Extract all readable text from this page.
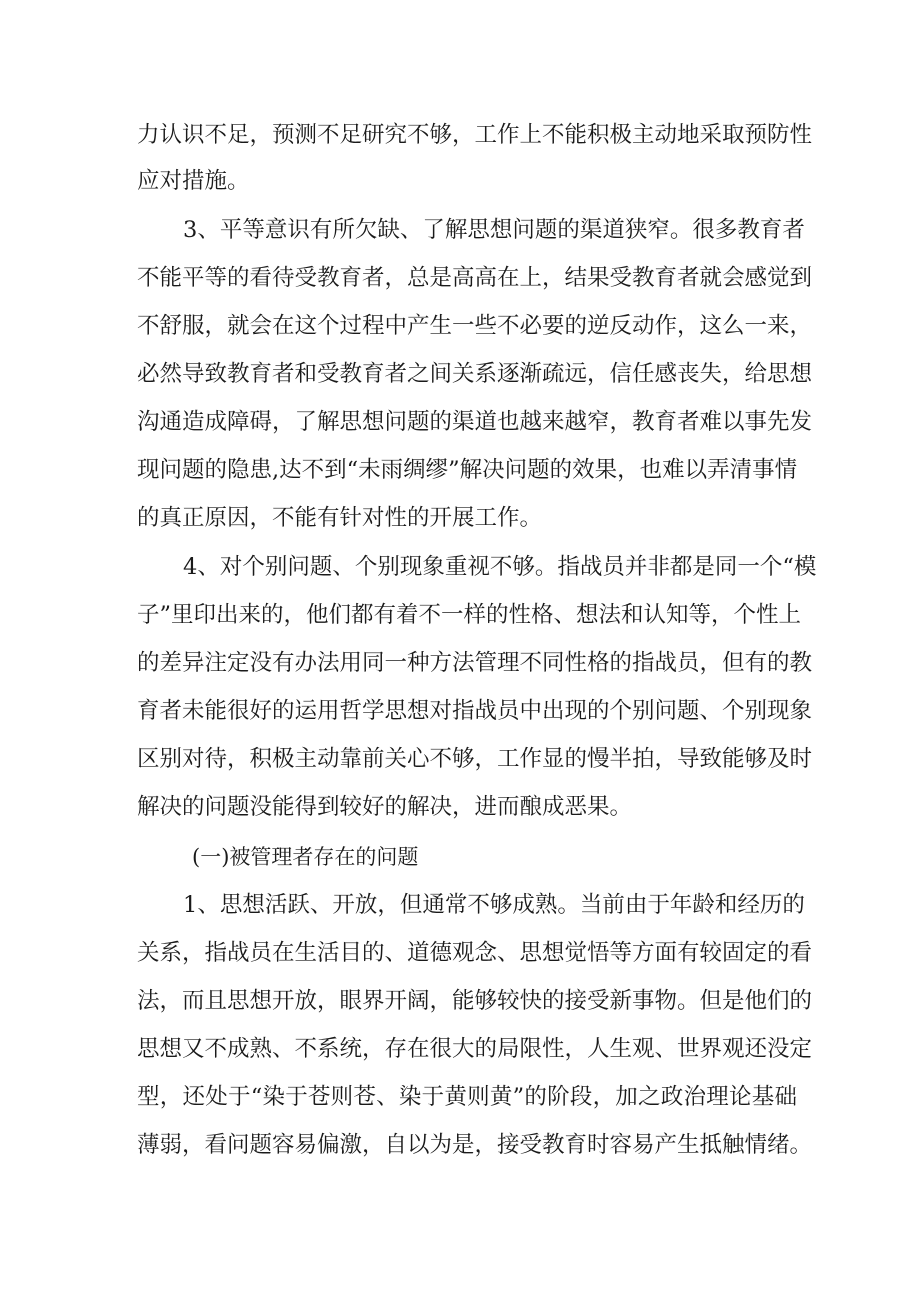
力认识不足，预测不足研究不够，工作上不能积极主动地采取预防性
应对措施。
3、平等意识有所欠缺、了解思想问题的渠道狭窄。很多教育者
不能平等的看待受教育者，总是高高在上，结果受教育者就会感觉到
不舒服，就会在这个过程中产生一些不必要的逆反动作，这么一来，
必然导致教育者和受教育者之间关系逐渐疏远，信任感丧失，给思想
沟通造成障碍，了解思想问题的渠道也越来越窄，教育者难以事先发
现问题的隐患,达不到“未雨绸缪”解决问题的效果，也难以弄清事情
的真正原因，不能有针对性的开展工作。
4、对个别问题、个别现象重视不够。指战员并非都是同一个“模
子”里印出来的，他们都有着不一样的性格、想法和认知等，个性上
的差异注定没有办法用同一种方法管理不同性格的指战员，但有的教
育者未能很好的运用哲学思想对指战员中出现的个别问题、个别现象
区别对待，积极主动靠前关心不够，工作显的慢半拍，导致能够及时
解决的问题没能得到较好的解决，进而酿成恶果。
(一)被管理者存在的问题
1、思想活跃、开放，但通常不够成熟。当前由于年龄和经历的
关系，指战员在生活目的、道德观念、思想觉悟等方面有较固定的看
法，而且思想开放，眼界开阔，能够较快的接受新事物。但是他们的
思想又不成熟、不系统，存在很大的局限性，人生观、世界观还没定
型，还处于“染于苍则苍、染于黄则黄”的阶段，加之政治理论基础
薄弱，看问题容易偏激，自以为是，接受教育时容易产生抵触情绪。
